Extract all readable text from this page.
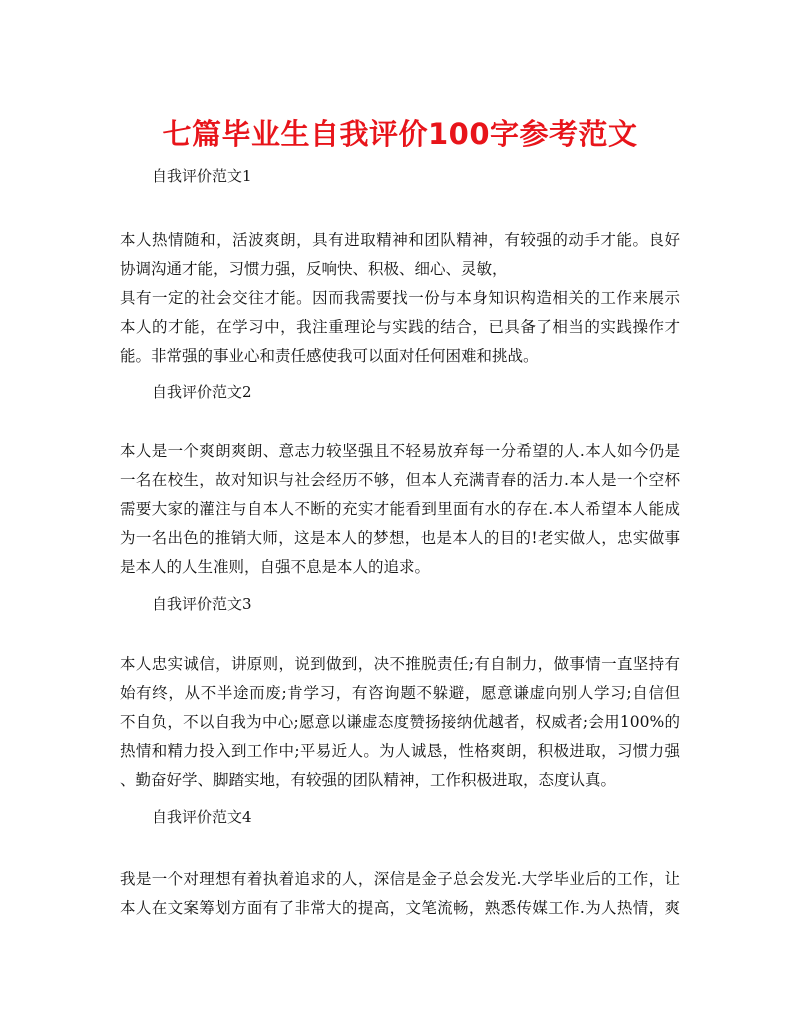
七篇毕业生自我评价100字参考范文

自我评价范文1

本人热情随和，活波爽朗，具有进取精神和团队精神，有较强的动手才能。良好
协调沟通才能，习惯力强，反响快、积极、细心、灵敏，
具有一定的社会交往才能。因而我需要找一份与本身知识构造相关的工作来展示
本人的才能，在学习中，我注重理论与实践的结合，已具备了相当的实践操作才
能。非常强的事业心和责任感使我可以面对任何困难和挑战。

自我评价范文2

本人是一个爽朗爽朗、意志力较坚强且不轻易放弃每一分希望的人.本人如今仍是
一名在校生，故对知识与社会经历不够，但本人充满青春的活力.本人是一个空杯
需要大家的灌注与自本人不断的充实才能看到里面有水的存在.本人希望本人能成
为一名出色的推销大师，这是本人的梦想，也是本人的目的!老实做人，忠实做事
是本人的人生准则，自强不息是本人的追求。

自我评价范文3

本人忠实诚信，讲原则，说到做到，决不推脱责任;有自制力，做事情一直坚持有
始有终，从不半途而废;肯学习，有咨询题不躲避，愿意谦虚向别人学习;自信但
不自负，不以自我为中心;愿意以谦虚态度赞扬接纳优越者，权威者;会用100%的
热情和精力投入到工作中;平易近人。为人诚恳，性格爽朗，积极进取，习惯力强
、勤奋好学、脚踏实地，有较强的团队精神，工作积极进取，态度认真。

自我评价范文4

我是一个对理想有着执着追求的人，深信是金子总会发光.大学毕业后的工作，让
本人在文案筹划方面有了非常大的提高，文笔流畅，熟悉传媒工作.为人热情，爽
